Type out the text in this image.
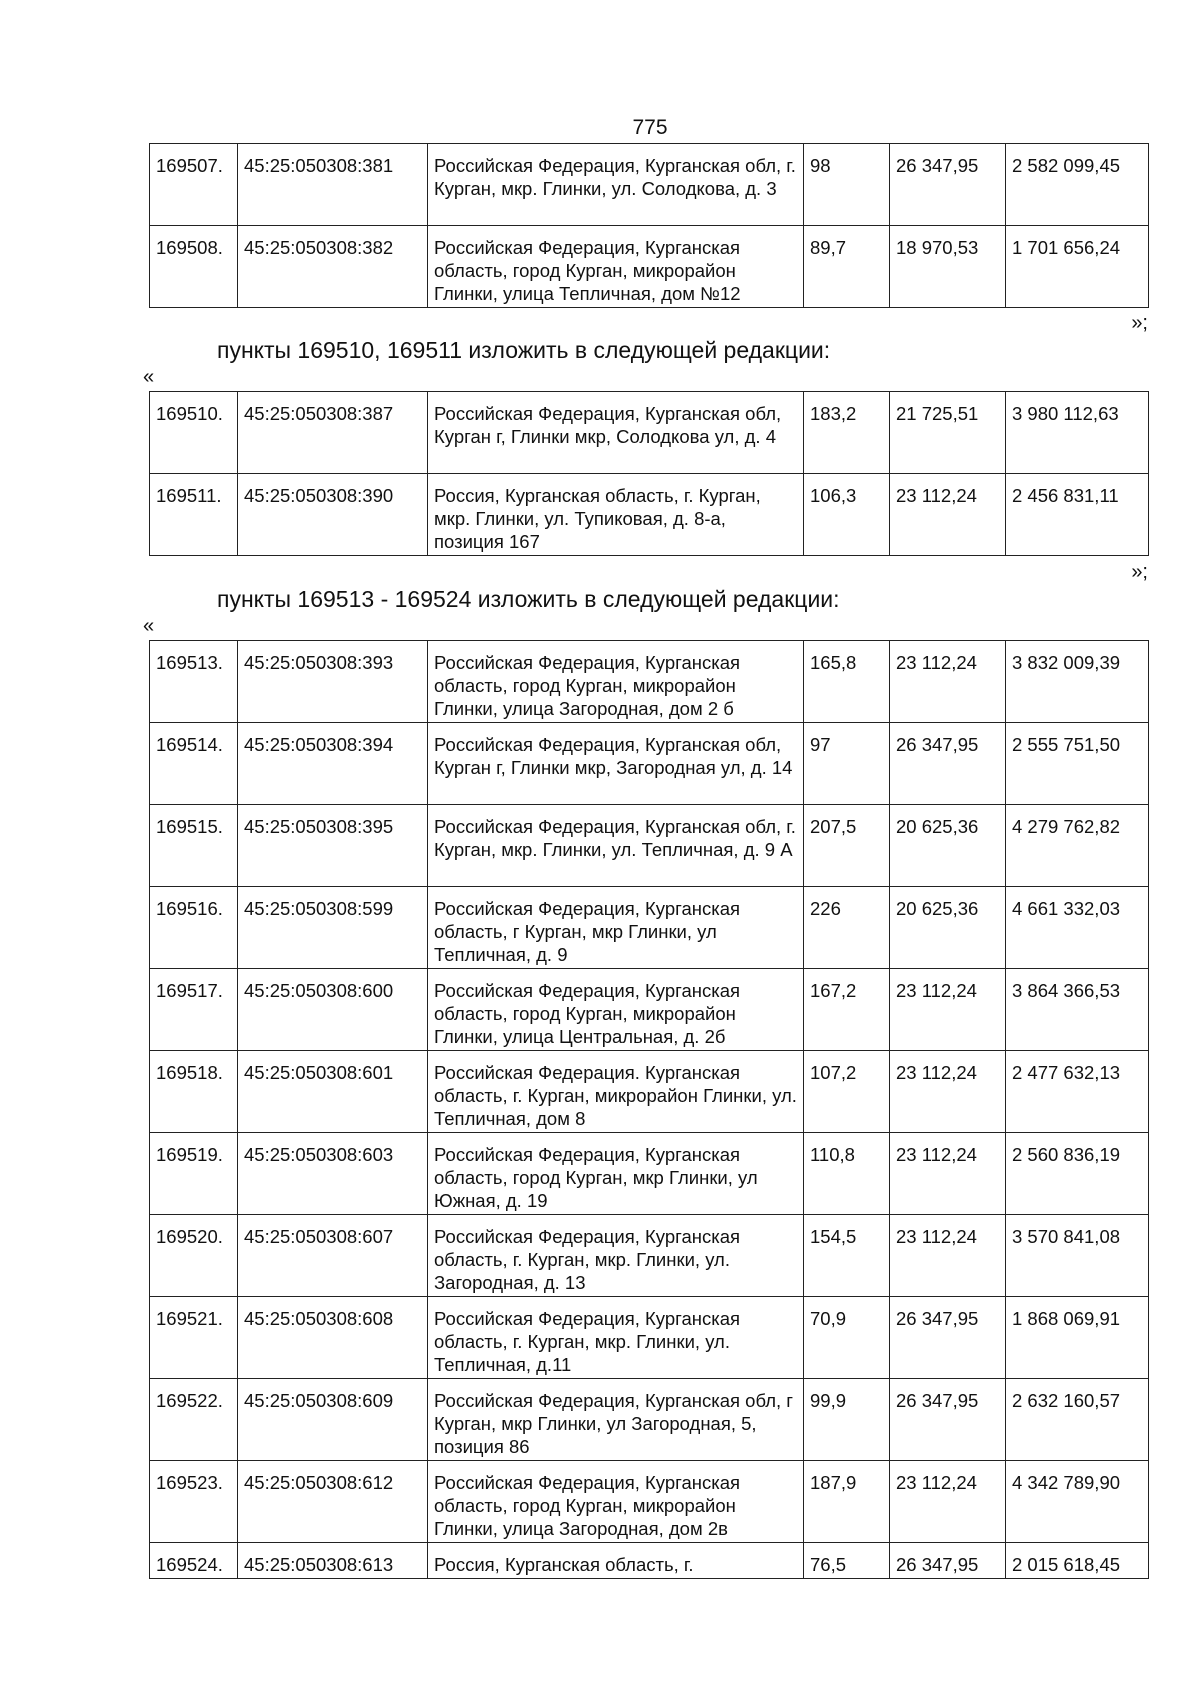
775
169507.	45:25:050308:381	Российская Федерация, Курганская обл, г. Курган, мкр. Глинки, ул. Солодкова, д. 3	98	26 347,95	2 582 099,45
169508.	45:25:050308:382	Российская Федерация, Курганская область, город Курган, микрорайон Глинки, улица Тепличная, дом №12	89,7	18 970,53	1 701 656,24
»;
пункты 169510, 169511 изложить в следующей редакции:
«
169510.	45:25:050308:387	Российская Федерация, Курганская обл, Курган г, Глинки мкр, Солодкова ул, д. 4	183,2	21 725,51	3 980 112,63
169511.	45:25:050308:390	Россия, Курганская область, г. Курган, мкр. Глинки, ул. Тупиковая, д. 8-а, позиция 167	106,3	23 112,24	2 456 831,11
»;
пункты 169513 - 169524 изложить в следующей редакции:
«
169513.	45:25:050308:393	Российская Федерация, Курганская область, город Курган, микрорайон Глинки, улица Загородная, дом 2 б	165,8	23 112,24	3 832 009,39
169514.	45:25:050308:394	Российская Федерация, Курганская обл, Курган г, Глинки мкр, Загородная ул, д. 14	97	26 347,95	2 555 751,50
169515.	45:25:050308:395	Российская Федерация, Курганская обл, г. Курган, мкр. Глинки, ул. Тепличная, д. 9 А	207,5	20 625,36	4 279 762,82
169516.	45:25:050308:599	Российская Федерация, Курганская область, г Курган, мкр Глинки, ул Тепличная, д. 9	226	20 625,36	4 661 332,03
169517.	45:25:050308:600	Российская Федерация, Курганская область, город Курган, микрорайон Глинки, улица Центральная, д. 2б	167,2	23 112,24	3 864 366,53
169518.	45:25:050308:601	Российская Федерация. Курганская область, г. Курган, микрорайон Глинки, ул. Тепличная, дом 8	107,2	23 112,24	2 477 632,13
169519.	45:25:050308:603	Российская Федерация, Курганская область, город Курган, мкр Глинки, ул Южная, д. 19	110,8	23 112,24	2 560 836,19
169520.	45:25:050308:607	Российская Федерация, Курганская область, г. Курган, мкр. Глинки, ул. Загородная, д. 13	154,5	23 112,24	3 570 841,08
169521.	45:25:050308:608	Российская Федерация, Курганская область, г. Курган, мкр. Глинки, ул. Тепличная, д.11	70,9	26 347,95	1 868 069,91
169522.	45:25:050308:609	Российская Федерация, Курганская обл, г Курган, мкр Глинки, ул Загородная, 5, позиция 86	99,9	26 347,95	2 632 160,57
169523.	45:25:050308:612	Российская Федерация, Курганская область, город Курган, микрорайон Глинки, улица Загородная, дом 2в	187,9	23 112,24	4 342 789,90
169524.	45:25:050308:613	Россия, Курганская область, г.	76,5	26 347,95	2 015 618,45
